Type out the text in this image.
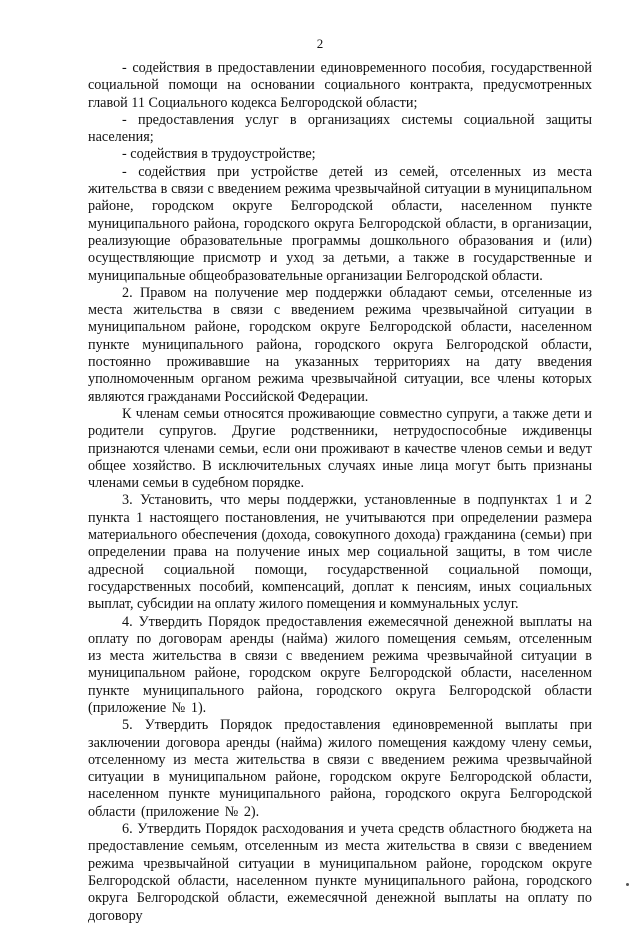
2

- содействия в предоставлении единовременного пособия, государственной социальной помощи на основании социального контракта, предусмотренных главой 11 Социального кодекса Белгородской области;

- предоставления услуг в организациях системы социальной защиты населения;

- содействия в трудоустройстве;

- содействия при устройстве детей из семей, отселенных из места жительства в связи с введением режима чрезвычайной ситуации в муниципальном районе, городском округе Белгородской области, населенном пункте муниципального района, городского округа Белгородской области, в организации, реализующие образовательные программы дошкольного образования и (или) осуществляющие присмотр и уход за детьми, а также в государственные и муниципальные общеобразовательные организации Белгородской области.

2. Правом на получение мер поддержки обладают семьи, отселенные из места жительства в связи с введением режима чрезвычайной ситуации в муниципальном районе, городском округе Белгородской области, населенном пункте муниципального района, городского округа Белгородской области, постоянно проживавшие на указанных территориях на дату введения уполномоченным органом режима чрезвычайной ситуации, все члены которых являются гражданами Российской Федерации.

К членам семьи относятся проживающие совместно супруги, а также дети и родители супругов. Другие родственники, нетрудоспособные иждивенцы признаются членами семьи, если они проживают в качестве членов семьи и ведут общее хозяйство. В исключительных случаях иные лица могут быть признаны членами семьи в судебном порядке.

3. Установить, что меры поддержки, установленные в подпунктах 1 и 2 пункта 1 настоящего постановления, не учитываются при определении размера материального обеспечения (дохода, совокупного дохода) гражданина (семьи) при определении права на получение иных мер социальной защиты, в том числе адресной социальной помощи, государственной социальной помощи, государственных пособий, компенсаций, доплат к пенсиям, иных социальных выплат, субсидии на оплату жилого помещения и коммунальных услуг.

4. Утвердить Порядок предоставления ежемесячной денежной выплаты на оплату по договорам аренды (найма) жилого помещения семьям, отселенным из места жительства в связи с введением режима чрезвычайной ситуации в муниципальном районе, городском округе Белгородской области, населенном пункте муниципального района, городского округа Белгородской области (приложение № 1).

5. Утвердить Порядок предоставления единовременной выплаты при заключении договора аренды (найма) жилого помещения каждому члену семьи, отселенному из места жительства в связи с введением режима чрезвычайной ситуации в муниципальном районе, городском округе Белгородской области, населенном пункте муниципального района, городского округа Белгородской области (приложение № 2).

6. Утвердить Порядок расходования и учета средств областного бюджета на предоставление семьям, отселенным из места жительства в связи с введением режима чрезвычайной ситуации в муниципальном районе, городском округе Белгородской области, населенном пункте муниципального района, городского округа Белгородской области, ежемесячной денежной выплаты на оплату по договору
